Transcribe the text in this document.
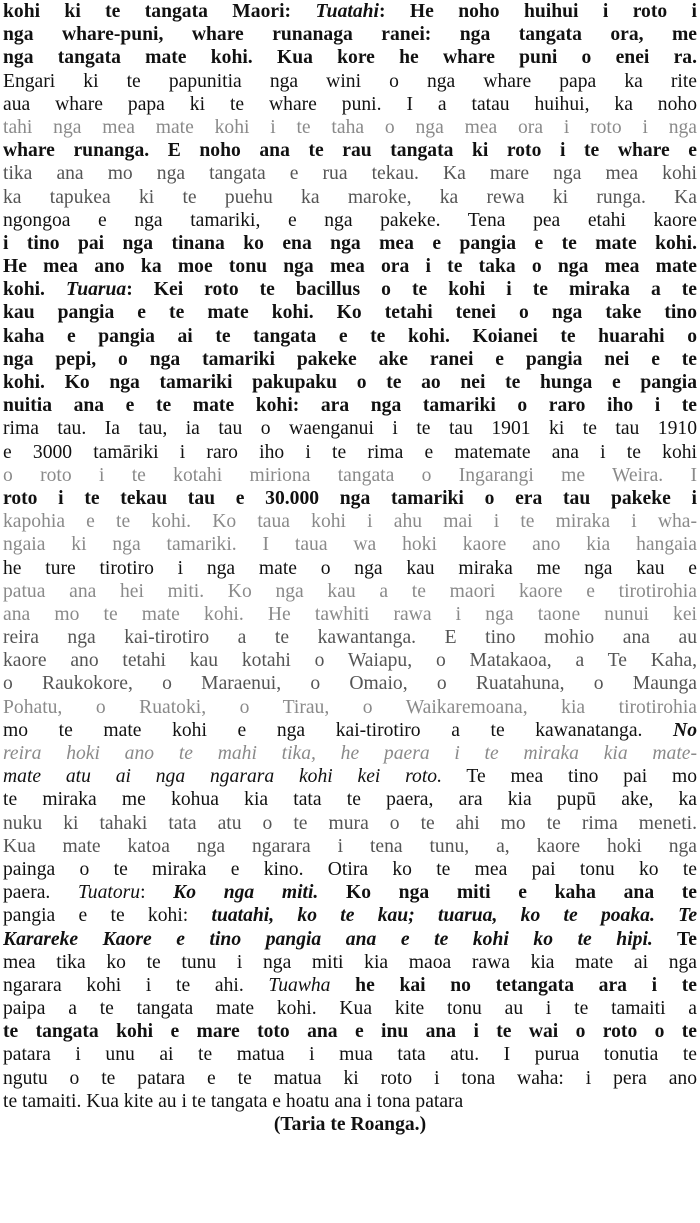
kohi ki te tangata Maori: Tuatahi: He noho huihui i roto i
nga whare-puni, whare runanaga ranei: nga tangata ora, me
nga tangata mate kohi. Kua kore he whare puni o enei ra.
Engari ki te papunitia nga wini o nga whare papa ka rite
aua whare papa ki te whare puni. I a tatau huihui, ka noho
tahi nga mea mate kohi i te taha o nga mea ora i roto i nga
whare runanga. E noho ana te rau tangata ki roto i te whare e
tika ana mo nga tangata e rua tekau. Ka mare nga mea kohi
ka tapukea ki te puehu ka maroke, ka rewa ki runga. Ka
ngongoa e nga tamariki, e nga pakeke. Tena pea etahi kaore
i tino pai nga tinana ko ena nga mea e pangia e te mate kohi.
He mea ano ka moe tonu nga mea ora i te taka o nga mea mate
kohi. Tuarua: Kei roto te bacillus o te kohi i te miraka a te
kau pangia e te mate kohi. Ko tetahi tenei o nga take tino
kaha e pangia ai te tangata e te kohi. Koianei te huarahi o
nga pepi, o nga tamariki pakeke ake ranei e pangia nei e te
kohi. Ko nga tamariki pakupaku o te ao nei te hunga e pangia
nuitia ana e te mate kohi: ara nga tamariki o raro iho i te
rima tau. Ia tau, ia tau o waenganui i te tau 1901 ki te tau 1910
e 3000 tamāriki i raro iho i te rima e matemate ana i te kohi
o roto i te kotahi miriona tangata o Ingarangi me Weira. I
roto i te tekau tau e 30.000 nga tamariki o era tau pakeke i
kapohia e te kohi. Ko taua kohi i ahu mai i te miraka i wha-
ngaia ki nga tamariki. I taua wa hoki kaore ano kia hangaia
he ture tirotiro i nga mate o nga kau miraka me nga kau e
patua ana hei miti. Ko nga kau a te maori kaore e tirotirohia
ana mo te mate kohi. He tawhiti rawa i nga taone nunui kei
reira nga kai-tirotiro a te kawantanga. E tino mohio ana au
kaore ano tetahi kau kotahi o Waiapu, o Matakaoa, a Te Kaha,
o Raukokore, o Maraenui, o Omaio, o Ruatahuna, o Maunga
Pohatu, o Ruatoki, o Tirau, o Waikaremoana, kia tirotirohia
mo te mate kohi e nga kai-tirotiro a te kawanatanga. No
reira hoki ano te mahi tika, he paera i te miraka kia mate-
mate atu ai nga ngarara kohi kei roto. Te mea tino pai mo
te miraka me kohua kia tata te paera, ara kia pupū ake, ka
nuku ki tahaki tata atu o te mura o te ahi mo te rima meneti.
Kua mate katoa nga ngarara i tena tunu, a, kaore hoki nga
painga o te miraka e kino. Otira ko te mea pai tonu ko te
paera. Tuatoru: Ko nga miti. Ko nga miti e kaha ana te
pangia e te kohi: tuatahi, ko te kau; tuarua, ko te poaka. Te
Karareke Kaore e tino pangia ana e te kohi ko te hipi. Te
mea tika ko te tunu i nga miti kia maoa rawa kia mate ai nga
ngarara kohi i te ahi. Tuawha he kai no tetangata ara i te
paipa a te tangata mate kohi. Kua kite tonu au i te tamaiti a
te tangata kohi e mare toto ana e inu ana i te wai o roto o te
patara i unu ai te matua i mua tata atu. I purua tonutia te
ngutu o te patara e te matua ki roto i tona waha: i pera ano
te tamaiti. Kua kite au i te tangata e hoatu ana i tona patara
(Taria te Roanga.)
